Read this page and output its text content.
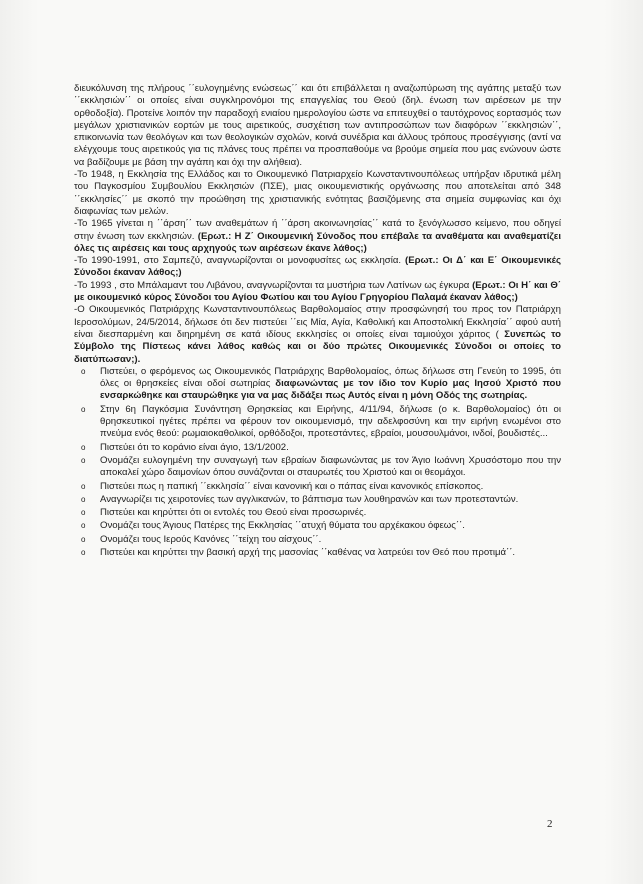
διευκόλυνση της πλήρους ΄΄ευλογημένης ενώσεως΄΄ και ότι επιβάλλεται η αναζωπύρωση της αγάπης μεταξύ των ΄΄εκκλησιών΄΄ οι οποίες είναι συγκληρονόμοι της επαγγελίας του Θεού (δηλ. ένωση των αιρέσεων με την ορθοδοξία). Προτείνε λοιπόν την παραδοχή ενιαίου ημερολογίου ώστε να επιτευχθεί ο ταυτόχρονος εορτασμός των μεγάλων χριστιανικών εορτών με τους αιρετικούς, συσχέτιση των αντιπροσώπων των διαφόρων ΄΄εκκλησιών΄΄, επικοινωνία των θεολόγων και των θεολογικών σχολών, κοινά συνέδρια και άλλους τρόπους προσέγγισης (αντί να ελέγχουμε τους αιρετικούς για τις πλάνες τους πρέπει να προσπαθούμε να βρούμε σημεία που μας ενώνουν ώστε να βαδίζουμε με βάση την αγάπη και όχι την αλήθεια).

-Το 1948, η Εκκλησία της Ελλάδος και το Οικουμενικό Πατριαρχείο Κωνσταντινουπόλεως υπήρξαν ιδρυτικά μέλη του Παγκοσμίου Συμβουλίου Εκκλησιών (ΠΣΕ), μιας οικουμενιστικής οργάνωσης που αποτελείται από 348 ΄΄εκκλησίες΄΄ με σκοπό την προώθηση της χριστιανικής ενότητας βασιζόμενης στα σημεία συμφωνίας και όχι διαφωνίας των μελών.

-Το 1965 γίνεται η ΄΄άρση΄΄ των αναθεμάτων ή ΄΄άρση ακοινωνησίας΄΄ κατά το ξενόγλωσσο κείμενο, που οδηγεί στην ένωση των εκκλησιών. (Ερωτ.: Η Ζ΄ Οικουμενική Σύνοδος που επέβαλε τα αναθέματα και αναθεματίζει όλες τις αιρέσεις και τους αρχηγούς των αιρέσεων έκανε λάθος;)

-Το 1990-1991, στο Σαμπεζύ, αναγνωρίζονται οι μονοφυσίτες ως εκκλησία. (Ερωτ.: Οι Δ΄ και Ε΄ Οικουμενικές Σύνοδοι έκαναν λάθος;)

-Το 1993 , στο Μπάλαμαντ του Λιβάνου, αναγνωρίζονται τα μυστήρια των Λατίνων ως έγκυρα (Ερωτ.: Οι Η΄ και Θ΄ με οικουμενικό κύρος Σύνοδοι του Αγίου Φωτίου και του Αγίου Γρηγορίου Παλαμά έκαναν λάθος;)

-Ο Οικουμενικός Πατριάρχης Κωνσταντινουπόλεως Βαρθολομαίος στην προσφώνησή του προς τον Πατριάρχη Ιεροσολύμων, 24/5/2014, δήλωσε ότι δεν πιστεύει ΄΄εις Μία, Αγία, Καθολική και Αποστολική Εκκλησία΄΄ αφού αυτή είναι διεσπαρμένη και διηρημένη σε κατά ιδίους εκκλησίες οι οποίες είναι ταμιούχοι χάριτος ( Συνεπώς το Σύμβολο της Πίστεως κάνει λάθος καθώς και οι δύο πρώτες Οικουμενικές Σύνοδοι οι οποίες το διατύπωσαν;).

o Πιστεύει, ο φερόμενος ως Οικουμενικός Πατριάρχης Βαρθολομαίος, όπως δήλωσε στη Γενεύη το 1995, ότι όλες οι θρησκείες είναι οδοί σωτηρίας διαφωνώντας με τον ίδιο τον Κυρίο μας Ιησού Χριστό που ενσαρκώθηκε και σταυρώθηκε για να μας διδάξει πως Αυτός είναι η μόνη Οδός της σωτηρίας.
o Στην 6η Παγκόσμια Συνάντηση Θρησκείας και Ειρήνης, 4/11/94, δήλωσε (ο κ. Βαρθολομαίος) ότι οι θρησκευτικοί ηγέτες πρέπει να φέρουν τον οικουμενισμό, την αδελφοσύνη και την ειρήνη ενωμένοι στο πνεύμα ενός θεού: ρωμαιοκαθολικοί, ορθόδοξοι, προτεστάντες, εβραίοι, μουσουλμάνοι, ινδοί, βουδιστές...
o Πιστεύει ότι το κοράνιο είναι άγιο, 13/1/2002.
o Ονομάζει ευλογημένη την συναγωγή των εβραίων διαφωνώντας με τον Άγιο Ιωάννη Χρυσόστομο που την αποκαλεί χώρο δαιμονίων όπου συνάζονται οι σταυρωτές του Χριστού και οι θεομάχοι.
o Πιστεύει πως η παπική ΄΄εκκλησία΄΄ είναι κανονική και ο πάπας είναι κανονικός επίσκοπος.
o Αναγνωρίζει τις χειροτονίες των αγγλικανών, το βάπτισμα των λουθηρανών και των προτεσταντών.
o Πιστεύει και κηρύττει ότι οι εντολές του Θεού είναι προσωρινές.
o Ονομάζει τους Άγιους Πατέρες της Εκκλησίας ΄΄ατυχή θύματα του αρχέκακου όφεως΄΄.
o Ονομάζει τους Ιερούς Κανόνες ΄΄τείχη του αίσχους΄΄.
o Πιστεύει και κηρύττει την βασική αρχή της μασονίας ΄΄καθένας να λατρεύει τον Θεό που προτιμά΄΄.
2
